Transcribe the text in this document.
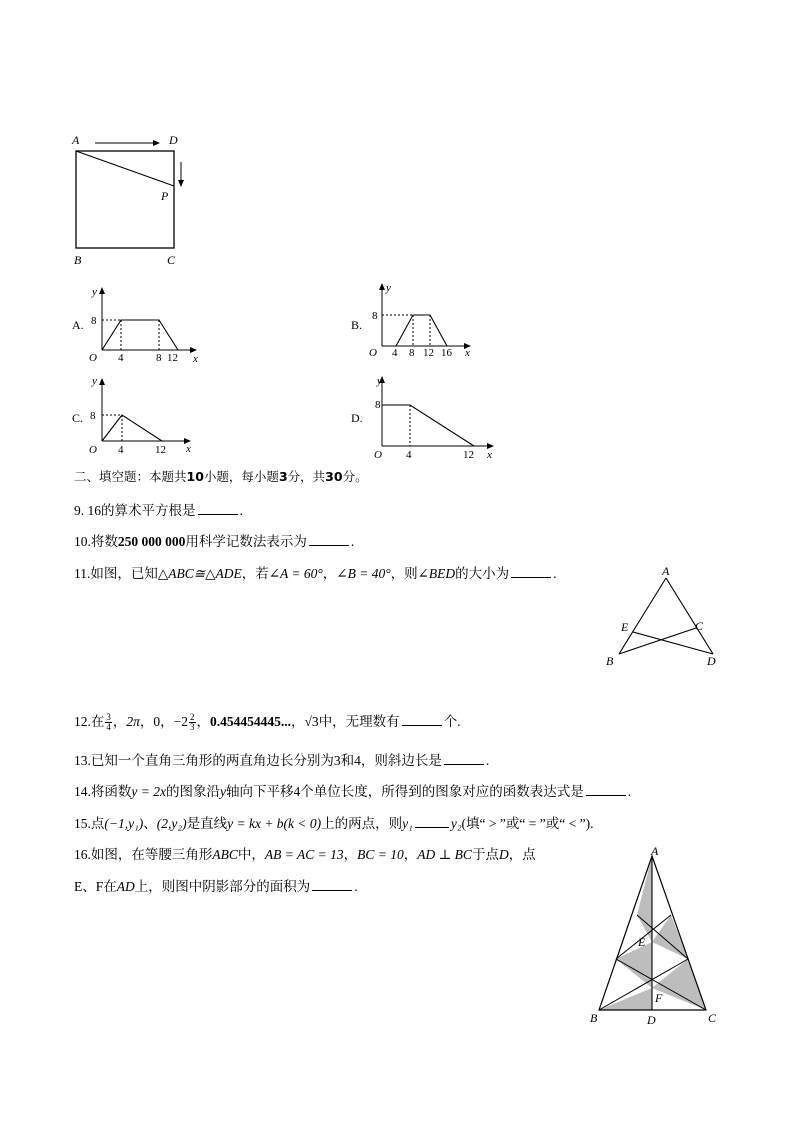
A	D
P
B	C
A.
y
x
O
8
4	8 12
B.
y
x
O
8
4 8 12 16
C.
y
x
O
8
4	12
D.
y
x
O
8
4	12
二、填空题：本题共10小题，每小题3分，共30分。
9. 16的算术平方根是	.
10.将数250 000 000用科学记数法表示为	.
11.如图，已知△ABC≅△ADE，若∠A = 60°，∠B = 40°，则∠BED的大小为	.	A
E	C
B	D
12.在 $\frac{3}{4}$ ，2π，0，$-2 \frac{2}{3}$ ，0.454454445...，√3中，无理数有	个.
13.已知一个直角三角形的两直角边长分别为3和4，则斜边长是	.
14.将函数y = 2x的图象沿y轴向下平移4个单位长度，所得到的图象对应的函数表达式是	.
15.点(−1,y₁)、(2,y₂)是直线y = kx + b(k < 0)上的两点，则y₁	y₂(填“ > ”或“ = ”或“ < ”).
16.如图，在等腰三角形ABC中，AB = AC = 13，BC = 10，AD ⊥ BC于点D，点
E、F在AD上，则图中阴影部分的面积为	.
A
E
F
B	D	C
